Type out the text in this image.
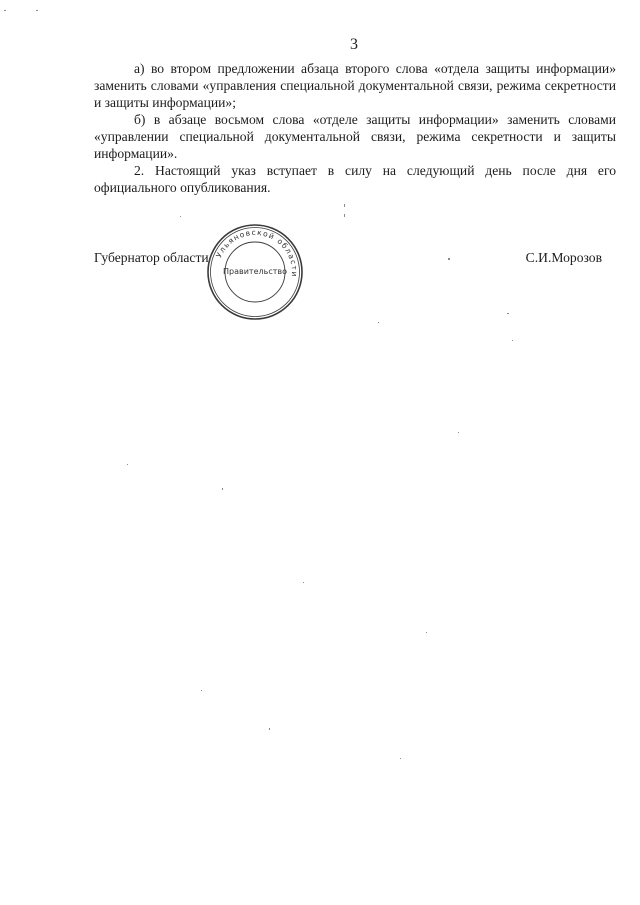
3

а) во втором предложении абзаца второго слова «отдела защиты информации» заменить словами «управления специальной документальной связи, режима секретности и защиты информации»;

б) в абзаце восьмом слова «отделе защиты информации» заменить словами «управлении специальной документальной связи, режима секретности и защиты информации».

2. Настоящий указ вступает в силу на следующий день после дня его официального опубликования.

Губернатор области	С.И.Морозов
Ульяновской области
Правительство
